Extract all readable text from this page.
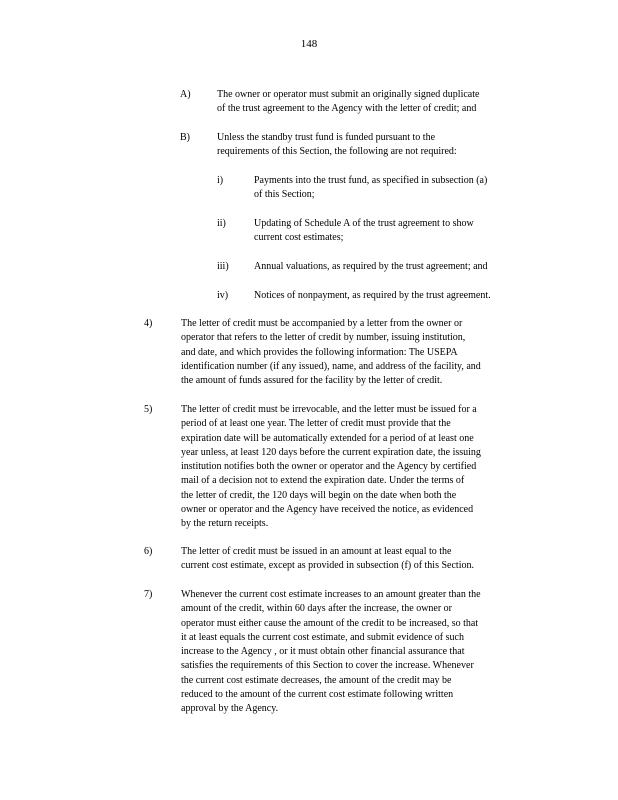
148
A)	The owner or operator must submit an originally signed duplicate
of the trust agreement to the Agency with the letter of credit; and
B)	Unless the standby trust fund is funded pursuant to the
requirements of this Section, the following are not required:
i)	Payments into the trust fund, as specified in subsection (a)
of this Section;
ii)	Updating of Schedule A of the trust agreement to show
current cost estimates;
iii)	Annual valuations, as required by the trust agreement; and
iv)	Notices of nonpayment, as required by the trust agreement.
4)	The letter of credit must be accompanied by a letter from the owner or
operator that refers to the letter of credit by number, issuing institution,
and date, and which provides the following information: The USEPA
identification number (if any issued), name, and address of the facility, and
the amount of funds assured for the facility by the letter of credit.
5)	The letter of credit must be irrevocable, and the letter must be issued for a
period of at least one year. The letter of credit must provide that the
expiration date will be automatically extended for a period of at least one
year unless, at least 120 days before the current expiration date, the issuing
institution notifies both the owner or operator and the Agency by certified
mail of a decision not to extend the expiration date. Under the terms of
the letter of credit, the 120 days will begin on the date when both the
owner or operator and the Agency have received the notice, as evidenced
by the return receipts.
6)	The letter of credit must be issued in an amount at least equal to the
current cost estimate, except as provided in subsection (f) of this Section.
7)	Whenever the current cost estimate increases to an amount greater than the
amount of the credit, within 60 days after the increase, the owner or
operator must either cause the amount of the credit to be increased, so that
it at least equals the current cost estimate, and submit evidence of such
increase to the Agency , or it must obtain other financial assurance that
satisfies the requirements of this Section to cover the increase. Whenever
the current cost estimate decreases, the amount of the credit may be
reduced to the amount of the current cost estimate following written
approval by the Agency.
